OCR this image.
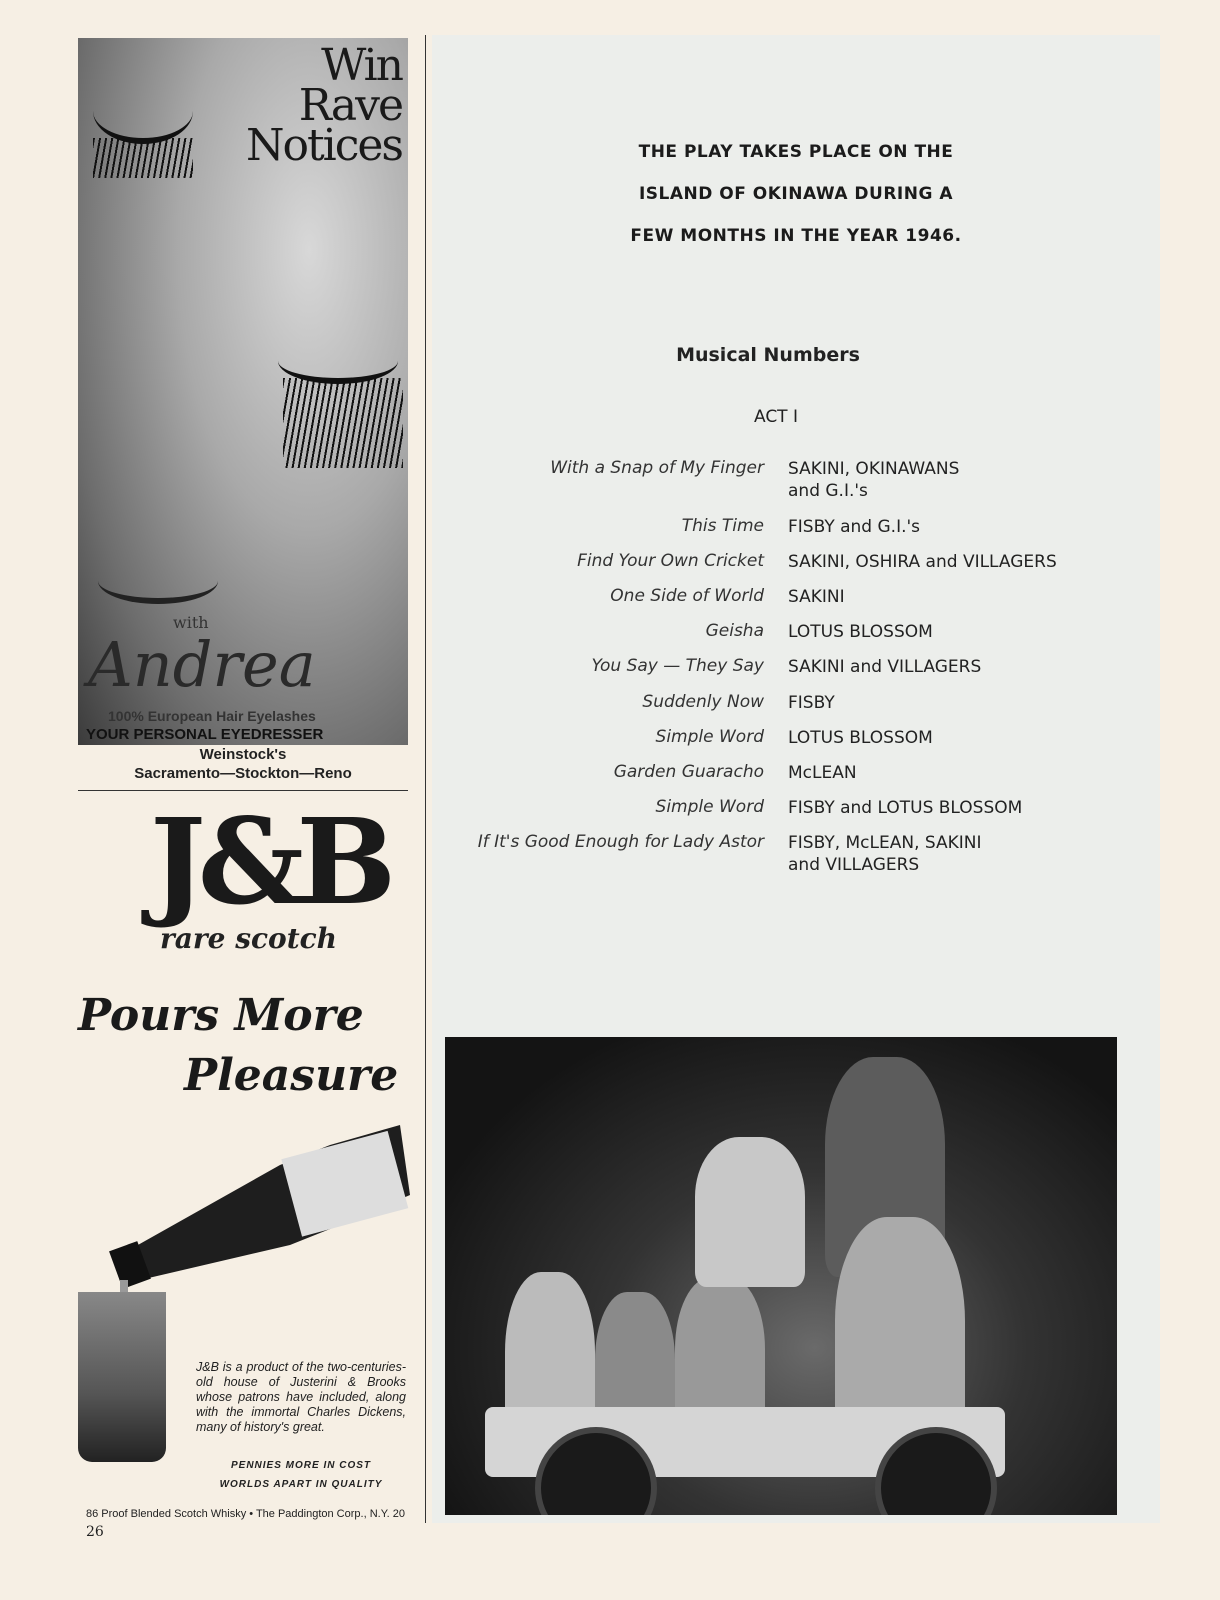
Win
Rave
Notices
with
Andrea
100% European Hair Eyelashes
YOUR PERSONAL EYEDRESSER
Weinstock's
Sacramento—Stockton—Reno
J&B
rare scotch
Pours More
Pleasure
J&B is a product of the two-centuries-old house of Justerini & Brooks whose patrons have included, along with the immortal Charles Dickens, many of history's great.
PENNIES MORE IN COST
WORLDS APART IN QUALITY
86 Proof Blended Scotch Whisky • The Paddington Corp., N.Y. 20
26
THE PLAY TAKES PLACE ON THE
ISLAND OF OKINAWA DURING A
FEW MONTHS IN THE YEAR 1946.
Musical Numbers
ACT I
With a Snap of My Finger SAKINI, OKINAWANS
and G.I.'s
This Time FISBY and G.I.'s
Find Your Own Cricket SAKINI, OSHIRA and VILLAGERS
One Side of World SAKINI
Geisha LOTUS BLOSSOM
You Say — They Say SAKINI and VILLAGERS
Suddenly Now FISBY
Simple Word LOTUS BLOSSOM
Garden Guaracho McLEAN
Simple Word FISBY and LOTUS BLOSSOM
If It's Good Enough for Lady Astor FISBY, McLEAN, SAKINI
and VILLAGERS
